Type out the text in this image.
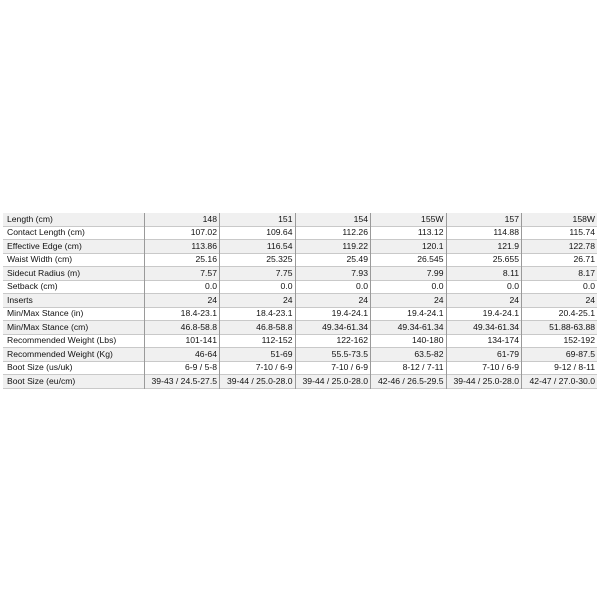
Length (cm)	148	151	154	155W	157	158W
Contact Length (cm)	107.02	109.64	112.26	113.12	114.88	115.74
Effective Edge (cm)	113.86	116.54	119.22	120.1	121.9	122.78
Waist Width (cm)	25.16	25.325	25.49	26.545	25.655	26.71
Sidecut Radius (m)	7.57	7.75	7.93	7.99	8.11	8.17
Setback (cm)	0.0	0.0	0.0	0.0	0.0	0.0
Inserts	24	24	24	24	24	24
Min/Max Stance (in)	18.4-23.1	18.4-23.1	19.4-24.1	19.4-24.1	19.4-24.1	20.4-25.1
Min/Max Stance (cm)	46.8-58.8	46.8-58.8	49.34-61.34	49.34-61.34	49.34-61.34	51.88-63.88
Recommended Weight (Lbs)	101-141	112-152	122-162	140-180	134-174	152-192
Recommended Weight (Kg)	46-64	51-69	55.5-73.5	63.5-82	61-79	69-87.5
Boot Size (us/uk)	6-9 / 5-8	7-10 / 6-9	7-10 / 6-9	8-12 / 7-11	7-10 / 6-9	9-12 / 8-11
Boot Size (eu/cm)	39-43 / 24.5-27.5	39-44 / 25.0-28.0	39-44 / 25.0-28.0	42-46 / 26.5-29.5	39-44 / 25.0-28.0	42-47 / 27.0-30.0
